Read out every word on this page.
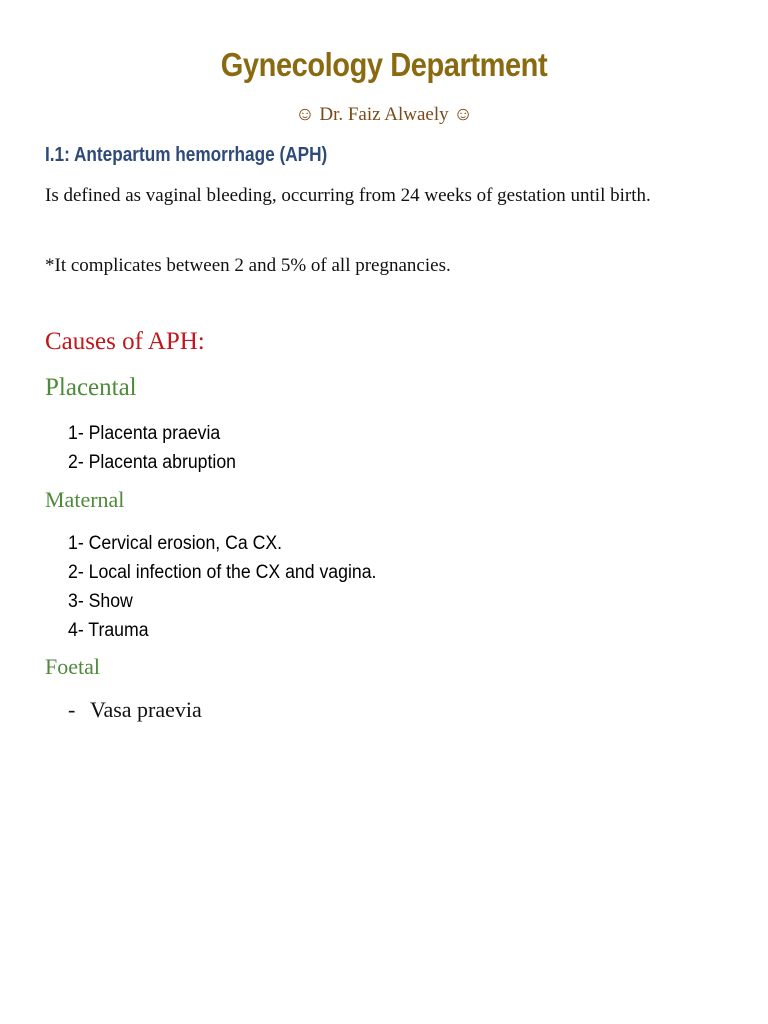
Gynecology Department
☺ Dr. Faiz Alwaely ☺
I.1: Antepartum hemorrhage (APH)

Is defined as vaginal bleeding, occurring from 24 weeks of gestation until birth.

*It complicates between 2 and 5% of all pregnancies.

Causes of APH:
Placental
1- Placenta praevia
2- Placenta abruption
Maternal
1- Cervical erosion, Ca CX.
2- Local infection of the CX and vagina.
3- Show
4- Trauma
Foetal
- Vasa praevia
